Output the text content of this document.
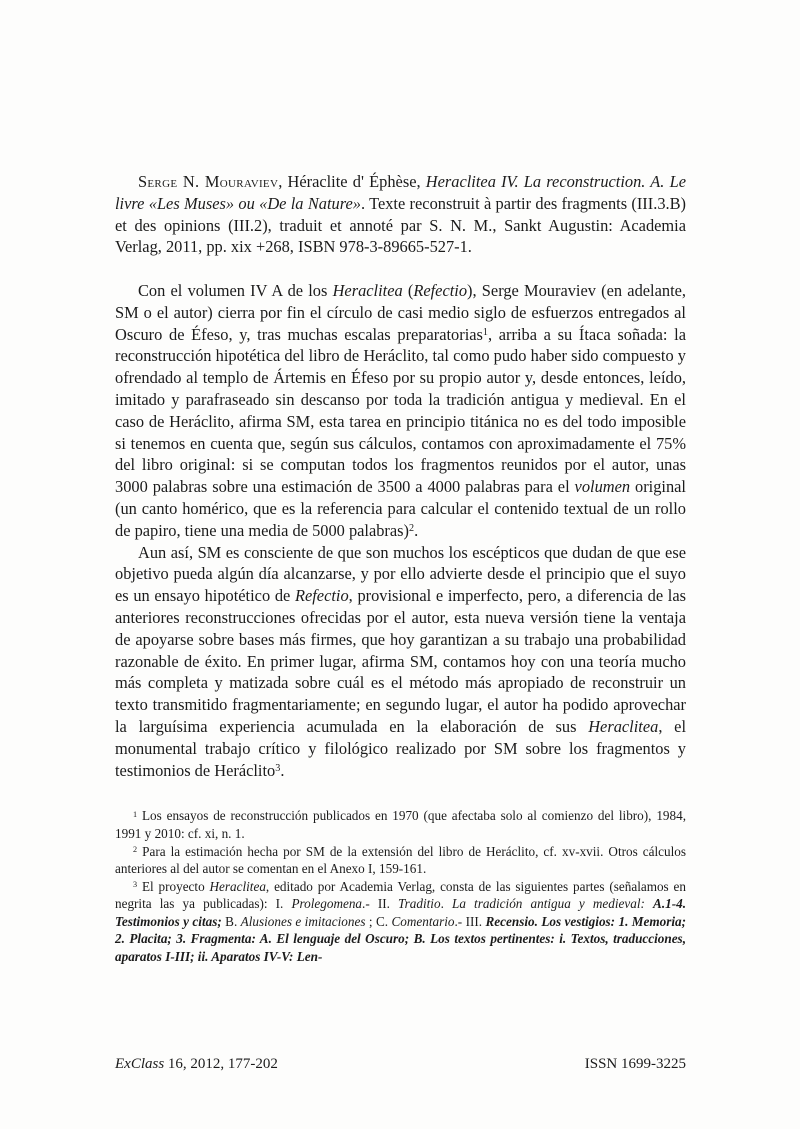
Serge N. Mouraviev, Héraclite d' Éphèse, Heraclitea IV. La reconstruction. A. Le livre «Les Muses» ou «De la Nature». Texte reconstruit à partir des fragments (III.3.B) et des opinions (III.2), traduit et annoté par S. N. M., Sankt Augustin: Academia Verlag, 2011, pp. xix +268, ISBN 978-3-89665-527-1.

Con el volumen IV A de los Heraclitea (Refectio), Serge Mouraviev (en adelante, SM o el autor) cierra por fin el círculo de casi medio siglo de esfuerzos entregados al Oscuro de Éfeso, y, tras muchas escalas preparatorias$^1$, arriba a su Ítaca soñada: la reconstrucción hipotética del libro de Heráclito, tal como pudo haber sido compuesto y ofrendado al templo de Ártemis en Éfeso por su propio autor y, desde entonces, leído, imitado y parafraseado sin descanso por toda la tradición antigua y medieval. En el caso de Heráclito, afirma SM, esta tarea en principio titánica no es del todo imposible si tenemos en cuenta que, según sus cálculos, contamos con aproximadamente el 75% del libro original: si se computan todos los fragmentos reunidos por el autor, unas 3000 palabras sobre una estimación de 3500 a 4000 palabras para el volumen original (un canto homérico, que es la referencia para calcular el contenido textual de un rollo de papiro, tiene una media de 5000 palabras)$^2$.

Aun así, SM es consciente de que son muchos los escépticos que dudan de que ese objetivo pueda algún día alcanzarse, y por ello advierte desde el principio que el suyo es un ensayo hipotético de Refectio, provisional e imperfecto, pero, a diferencia de las anteriores reconstrucciones ofrecidas por el autor, esta nueva versión tiene la ventaja de apoyarse sobre bases más firmes, que hoy garantizan a su trabajo una probabilidad razonable de éxito. En primer lugar, afirma SM, contamos hoy con una teoría mucho más completa y matizada sobre cuál es el método más apropiado de reconstruir un texto transmitido fragmentariamente; en segundo lugar, el autor ha podido aprovechar la larguísima experiencia acumulada en la elaboración de sus Heraclitea, el monumental trabajo crítico y filológico realizado por SM sobre los fragmentos y testimonios de Heráclito$^3$.

$^1$ Los ensayos de reconstrucción publicados en 1970 (que afectaba solo al comienzo del libro), 1984, 1991 y 2010: cf. xi, n. 1.

$^2$ Para la estimación hecha por SM de la extensión del libro de Heráclito, cf. xv-xvii. Otros cálculos anteriores al del autor se comentan en el Anexo I, 159-161.

$^3$ El proyecto Heraclitea, editado por Academia Verlag, consta de las siguientes partes (señalamos en negrita las ya publicadas): I. Prolegomena.- II. Traditio. La tradición antigua y medieval: A.1-4. Testimonios y citas; B. Alusiones e imitaciones ; C. Comentario.- III. Recensio. Los vestigios: 1. Memoria; 2. Placita; 3. Fragmenta: A. El lenguaje del Oscuro; B. Los textos pertinentes: i. Textos, traducciones, aparatos I-III; ii. Aparatos IV-V: Len-

ExClass 16, 2012, 177-202	ISSN 1699-3225
